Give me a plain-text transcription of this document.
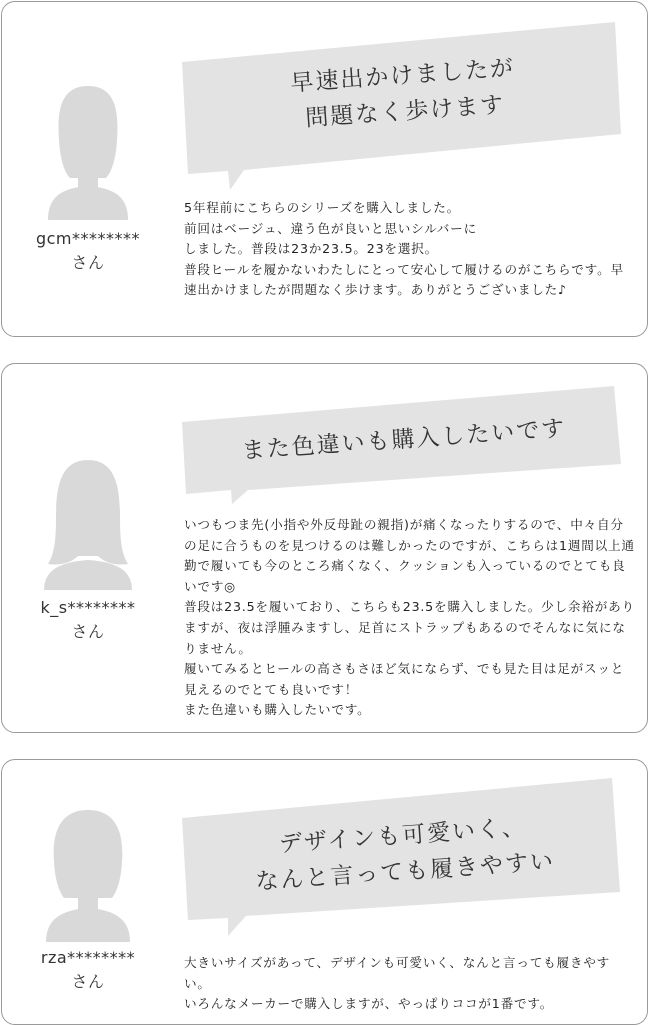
gcm********
さん
早速出かけましたが
問題なく歩けます
5年程前にこちらのシリーズを購入しました。
前回はベージュ、違う色が良いと思いシルバーに
しました。普段は23か23.5。23を選択。
普段ヒールを履かないわたしにとって安心して履けるのがこちらです。早速出かけましたが問題なく歩けます。ありがとうございました♪
k_s********
さん
また色違いも購入したいです
いつもつま先(小指や外反母趾の親指)が痛くなったりするので、中々自分の足に合うものを見つけるのは難しかったのですが、こちらは1週間以上通勤で履いても今のところ痛くなく、クッションも入っているのでとても良いです◎
普段は23.5を履いており、こちらも23.5を購入しました。少し余裕がありますが、夜は浮腫みますし、足首にストラップもあるのでそんなに気になりません。
履いてみるとヒールの高さもさほど気にならず、でも見た目は足がスッと見えるのでとても良いです！
また色違いも購入したいです。
rza********
さん
デザインも可愛いく、
なんと言っても履きやすい
大きいサイズがあって、デザインも可愛いく、なんと言っても履きやすい。
いろんなメーカーで購入しますが、やっぱりココが1番です。
